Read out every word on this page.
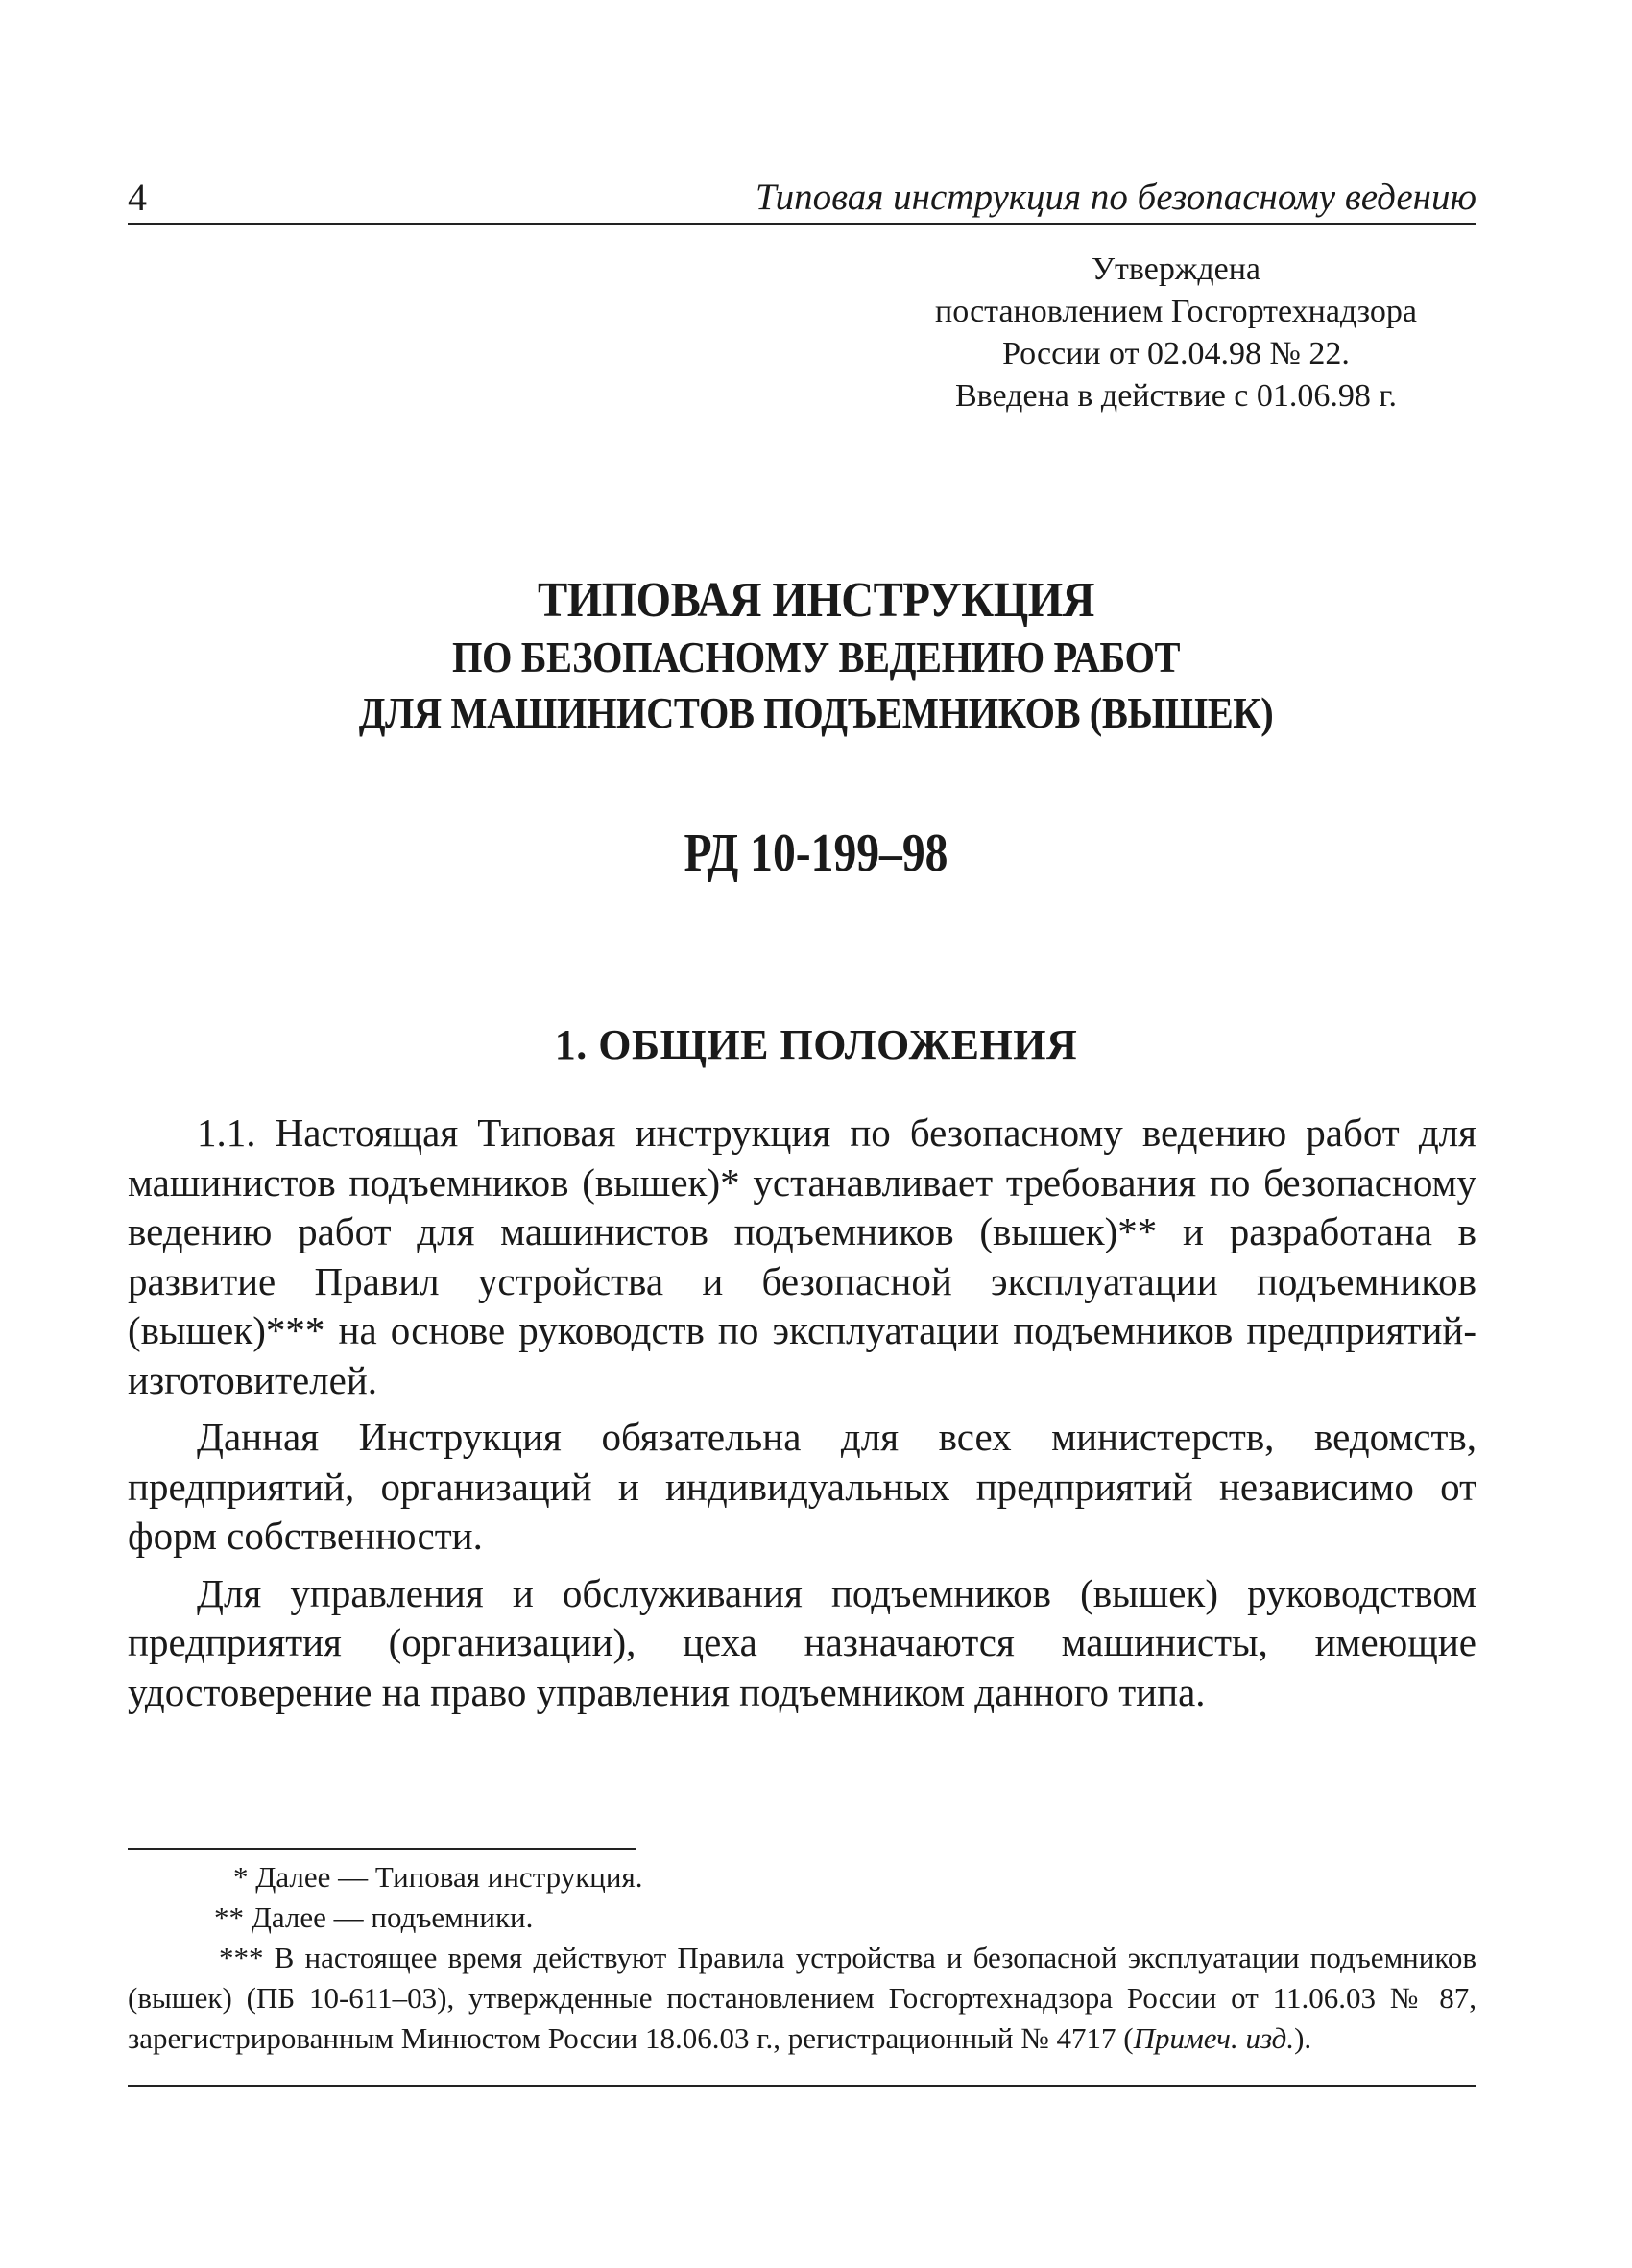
4	Типовая инструкция по безопасному ведению
Утверждена
постановлением Госгортехнадзора
России от 02.04.98 № 22.
Введена в действие с 01.06.98 г.
ТИПОВАЯ ИНСТРУКЦИЯ
ПО БЕЗОПАСНОМУ ВЕДЕНИЮ РАБОТ
ДЛЯ МАШИНИСТОВ ПОДЪЕМНИКОВ (ВЫШЕК)
РД 10-199–98
1. ОБЩИЕ ПОЛОЖЕНИЯ

1.1. Настоящая Типовая инструкция по безопасному ведению работ для машинистов подъемников (вышек)* устанавливает требования по безопасному ведению работ для машинистов подъемников (вышек)** и разработана в развитие Правил устройства и безопасной эксплуатации подъемников (вышек)*** на основе руководств по эксплуатации подъемников предприятий-изготовителей.

Данная Инструкция обязательна для всех министерств, ведомств, предприятий, организаций и индивидуальных предприятий независимо от форм собственности.

Для управления и обслуживания подъемников (вышек) руководством предприятия (организации), цеха назначаются машинисты, имеющие удостоверение на право управления подъемником данного типа.

* Далее — Типовая инструкция.

** Далее — подъемники.

*** В настоящее время действуют Правила устройства и безопасной эксплуатации подъемников (вышек) (ПБ 10-611–03), утвержденные постановлением Госгортехнадзора России от 11.06.03 № 87, зарегистрированным Минюстом России 18.06.03 г., регистрационный № 4717 (Примеч. изд.).
